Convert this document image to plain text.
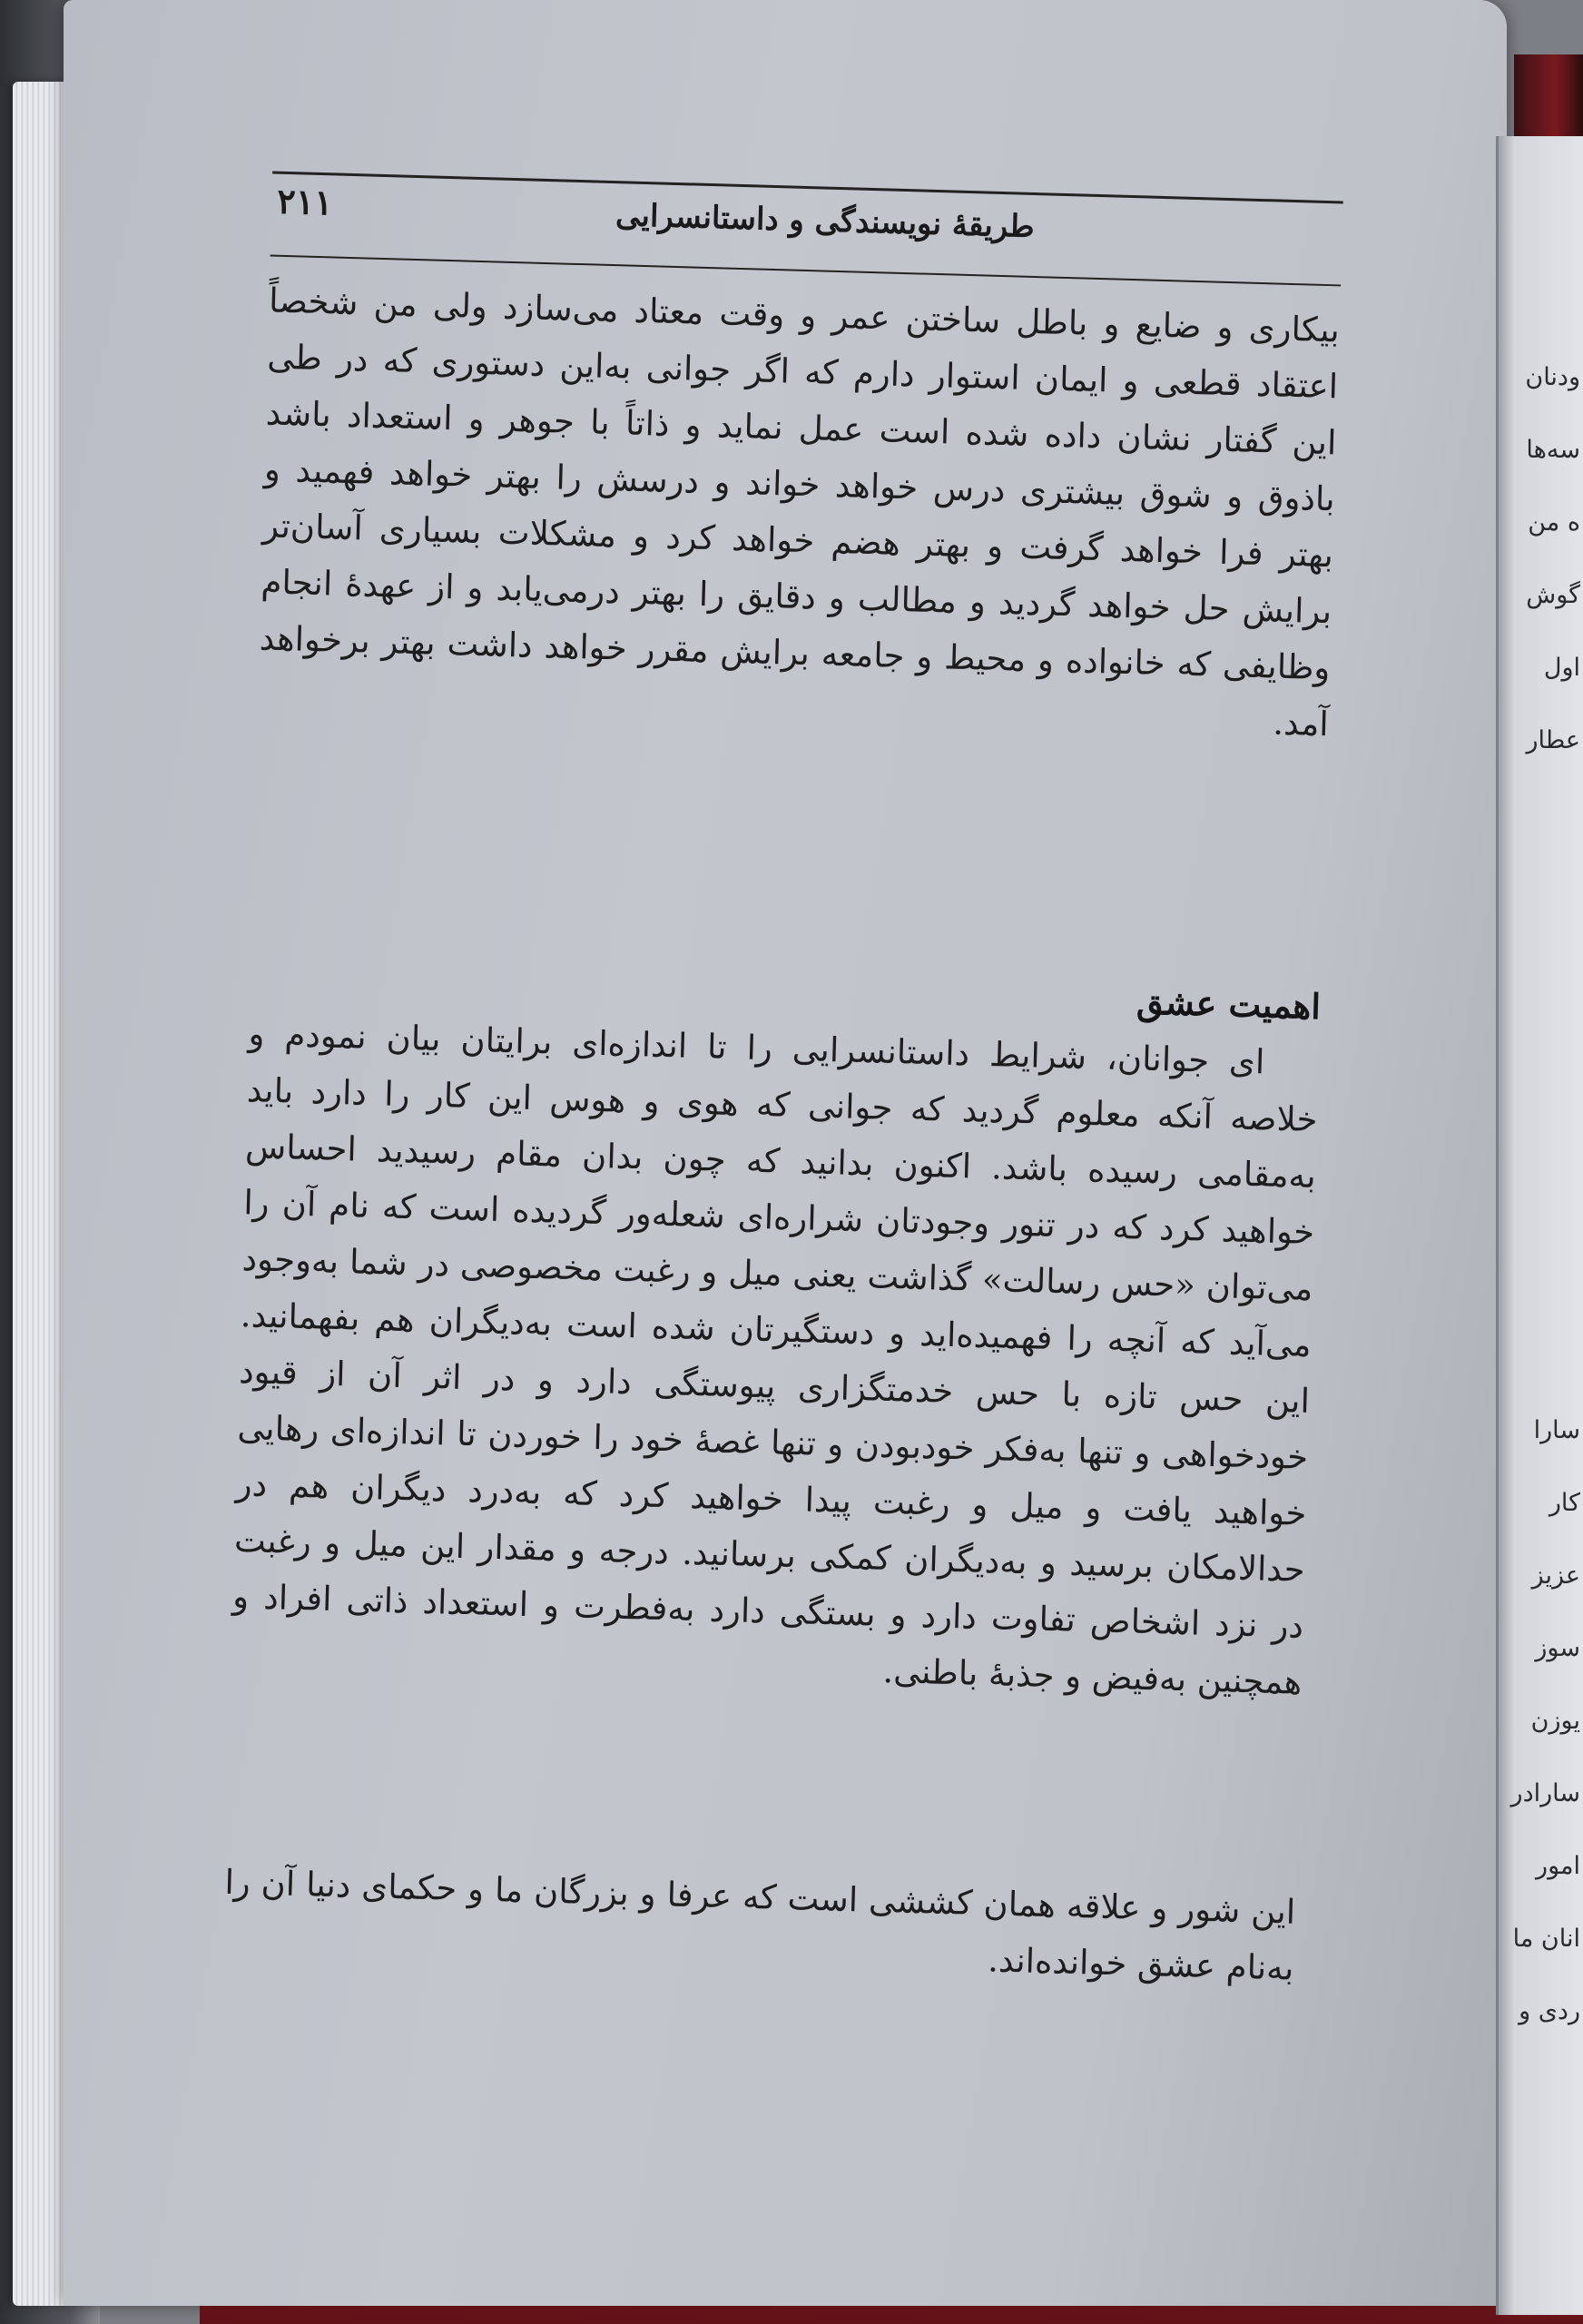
ودنان
سه‌ها
ه من
گوش
اول
عطار
سارا
کار
عزیز
سوز
یوزن
سارادر
امور
انان ما
ردی و
۲۱۱	طریقهٔ نویسندگی و داستانسرایی

بیکاری و ضایع و باطل ساختن عمر و وقت معتاد می‌سازد ولی من شخصاً اعتقاد قطعی و ایمان استوار دارم که اگر جوانی به‌این دستوری که در طی این گفتار نشان داده شده است عمل نماید و ذاتاً با جوهر و استعداد باشد باذوق و شوق بیشتری درس خواهد خواند و درسش را بهتر خواهد فهمید و بهتر فرا خواهد گرفت و بهتر هضم خواهد کرد و مشکلات بسیاری آسان‌تر برایش حل خواهد گردید و مطالب و دقایق را بهتر درمی‌یابد و از عهدهٔ انجام وظایفی که خانواده و محیط و جامعه برایش مقرر خواهد داشت بهتر برخواهد آمد.

اهمیت عشق

ای جوانان، شرایط داستانسرایی را تا اندازه‌ای برایتان بیان نمودم و خلاصه آنکه معلوم گردید که جوانی که هوی و هوس این کار را دارد باید به‌مقامی رسیده باشد. اکنون بدانید که چون بدان مقام رسیدید احساس خواهید کرد که در تنور وجودتان شراره‌ای شعله‌ور گردیده است که نام آن را می‌توان «حس رسالت» گذاشت یعنی میل و رغبت مخصوصی در شما به‌وجود می‌آید که آنچه را فهمیده‌اید و دستگیرتان شده است به‌دیگران هم بفهمانید. این حس تازه با حس خدمتگزاری پیوستگی دارد و در اثر آن از قیود خودخواهی و تنها به‌فکر خودبودن و تنها غصهٔ خود را خوردن تا اندازه‌ای رهایی خواهید یافت و میل و رغبت پیدا خواهید کرد که به‌درد دیگران هم در حدالامکان برسید و به‌دیگران کمکی برسانید. درجه و مقدار این میل و رغبت در نزد اشخاص تفاوت دارد و بستگی دارد به‌فطرت و استعداد ذاتی افراد و همچنین به‌فیض و جذبهٔ باطنی.

این شور و علاقه همان کششی است که عرفا و بزرگان ما و حکمای دنیا آن را به‌نام عشق خوانده‌اند.
